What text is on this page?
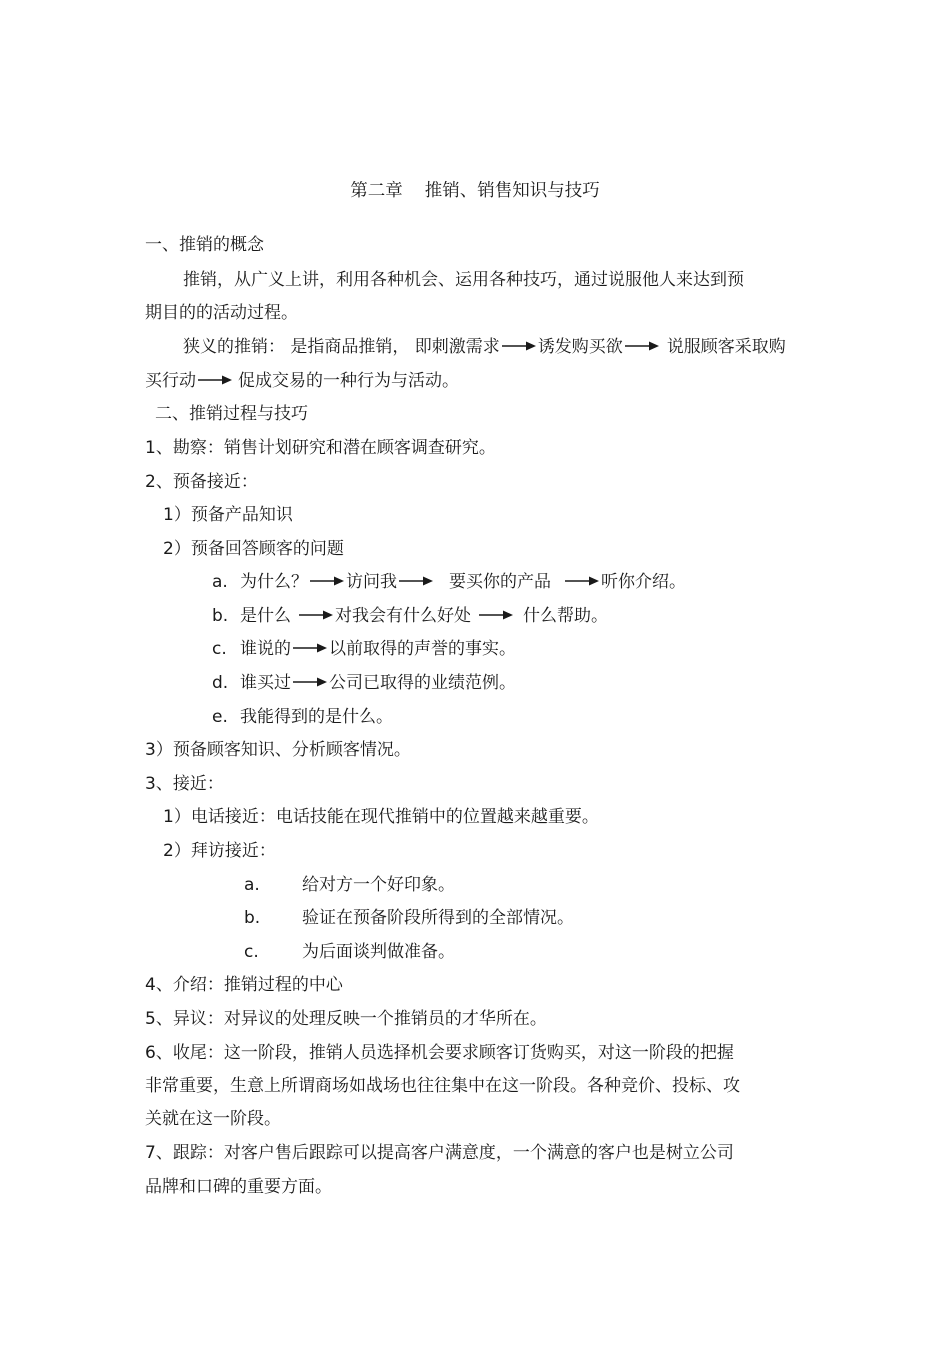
第二章 推销、销售知识与技巧
一、推销的概念
推销，从广义上讲，利用各种机会、运用各种技巧，通过说服他人来达到预
期目的的活动过程。
狭义的推销： 是指商品推销， 即刺激需求 诱发购买欲	说服顾客采取购
买行动 促成交易的一种行为与活动。
二、推销过程与技巧
1、勘察：销售计划研究和潜在顾客调查研究。
2、预备接近：
1）预备产品知识
2）预备回答顾客的问题
a. 为什么？ 访问我	要买你的产品	听你介绍。
b. 是什么	对我会有什么好处	什么帮助。
c. 谁说的 以前取得的声誉的事实。
d. 谁买过 公司已取得的业绩范例。
e. 我能得到的是什么。
3）预备顾客知识、分析顾客情况。
3、接近：
1）电话接近：电话技能在现代推销中的位置越来越重要。
2）拜访接近：
a. 给对方一个好印象。
b. 验证在预备阶段所得到的全部情况。
c.	为后面谈判做准备。
4、介绍：推销过程的中心
5、异议：对异议的处理反映一个推销员的才华所在。
6、收尾：这一阶段，推销人员选择机会要求顾客订货购买，对这一阶段的把握
非常重要，生意上所谓商场如战场也往往集中在这一阶段。各种竞价、投标、攻
关就在这一阶段。
7、跟踪：对客户售后跟踪可以提高客户满意度，一个满意的客户也是树立公司
品牌和口碑的重要方面。
